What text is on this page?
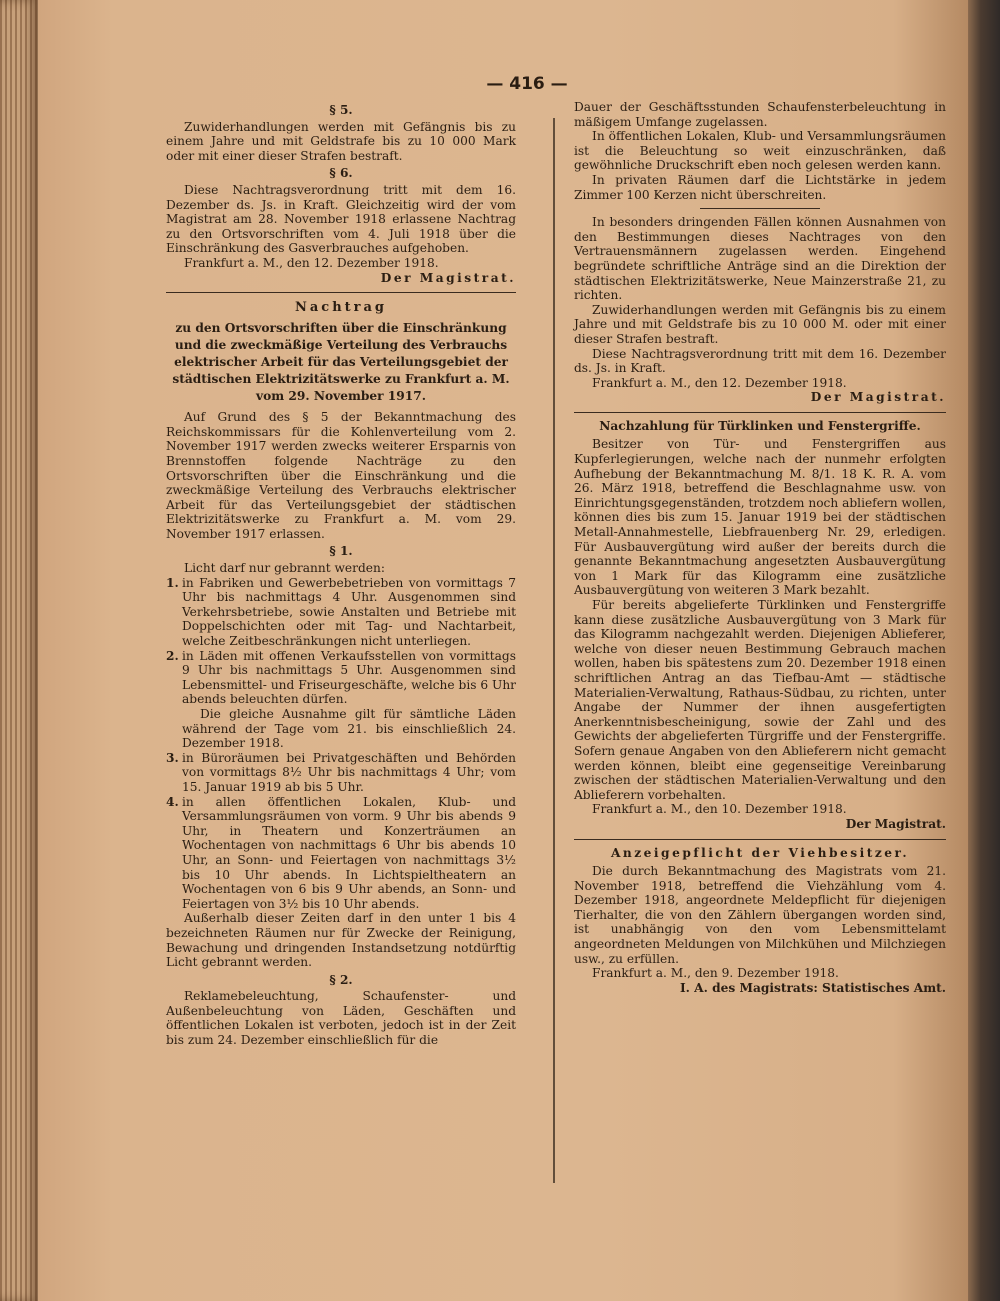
— 416 —

§ 5.

Zuwiderhandlungen werden mit Gefängnis bis zu einem Jahre und mit Geldstrafe bis zu 10 000 Mark oder mit einer dieser Strafen bestraft.

§ 6.

Diese Nachtragsverordnung tritt mit dem 16. Dezember ds. Js. in Kraft. Gleichzeitig wird der vom Magistrat am 28. November 1918 erlassene Nachtrag zu den Ortsvorschriften vom 4. Juli 1918 über die Einschränkung des Gasverbrauches aufgehoben.

Frankfurt a. M., den 12. Dezember 1918.

Der Magistrat.

Nachtrag
zu den Ortsvorschriften über die Einschränkung und die zweckmäßige Verteilung des Verbrauchs elektrischer Arbeit für das Verteilungsgebiet der städtischen Elektrizitätswerke zu Frankfurt a. M. vom 29. November 1917.

Auf Grund des § 5 der Bekanntmachung des Reichskommissars für die Kohlenverteilung vom 2. November 1917 werden zwecks weiterer Ersparnis von Brennstoffen folgende Nachträge zu den Ortsvorschriften über die Einschränkung und die zweckmäßige Verteilung des Verbrauchs elektrischer Arbeit für das Verteilungsgebiet der städtischen Elektrizitätswerke zu Frankfurt a. M. vom 29. November 1917 erlassen.

§ 1.

Licht darf nur gebrannt werden:

1. in Fabriken und Gewerbebetrieben von vormittags 7 Uhr bis nachmittags 4 Uhr. Ausgenommen sind Verkehrsbetriebe, sowie Anstalten und Betriebe mit Doppelschichten oder mit Tag- und Nachtarbeit, welche Zeitbeschränkungen nicht unterliegen.
2. in Läden mit offenen Verkaufsstellen von vormittags 9 Uhr bis nachmittags 5 Uhr. Ausgenommen sind Lebensmittel- und Friseurgeschäfte, welche bis 6 Uhr abends beleuchten dürfen.

Die gleiche Ausnahme gilt für sämtliche Läden während der Tage vom 21. bis einschließlich 24. Dezember 1918.

3. in Büroräumen bei Privatgeschäften und Behörden von vormittags 8½ Uhr bis nachmittags 4 Uhr; vom 15. Januar 1919 ab bis 5 Uhr.
4. in allen öffentlichen Lokalen, Klub- und Versammlungsräumen von vorm. 9 Uhr bis abends 9 Uhr, in Theatern und Konzerträumen an Wochentagen von nachmittags 6 Uhr bis abends 10 Uhr, an Sonn- und Feiertagen von nachmittags 3½ bis 10 Uhr abends. In Lichtspieltheatern an Wochentagen von 6 bis 9 Uhr abends, an Sonn- und Feiertagen von 3½ bis 10 Uhr abends.

Außerhalb dieser Zeiten darf in den unter 1 bis 4 bezeichneten Räumen nur für Zwecke der Reinigung, Bewachung und dringenden Instandsetzung notdürftig Licht gebrannt werden.

§ 2.

Reklamebeleuchtung, Schaufenster- und Außenbeleuchtung von Läden, Geschäften und öffentlichen Lokalen ist verboten, jedoch ist in der Zeit bis zum 24. Dezember einschließlich für die

Dauer der Geschäftsstunden Schaufensterbeleuchtung in mäßigem Umfange zugelassen.

In öffentlichen Lokalen, Klub- und Versammlungsräumen ist die Beleuchtung so weit einzuschränken, daß gewöhnliche Druckschrift eben noch gelesen werden kann.

In privaten Räumen darf die Lichtstärke in jedem Zimmer 100 Kerzen nicht überschreiten.

In besonders dringenden Fällen können Ausnahmen von den Bestimmungen dieses Nachtrages von den Vertrauensmännern zugelassen werden. Eingehend begründete schriftliche Anträge sind an die Direktion der städtischen Elektrizitätswerke, Neue Mainzerstraße 21, zu richten.

Zuwiderhandlungen werden mit Gefängnis bis zu einem Jahre und mit Geldstrafe bis zu 10 000 M. oder mit einer dieser Strafen bestraft.

Diese Nachtragsverordnung tritt mit dem 16. Dezember ds. Js. in Kraft.

Frankfurt a. M., den 12. Dezember 1918.

Der Magistrat.

Nachzahlung für Türklinken und Fenstergriffe.

Besitzer von Tür- und Fenstergriffen aus Kupferlegierungen, welche nach der nunmehr erfolgten Aufhebung der Bekanntmachung M. 8/1. 18 K. R. A. vom 26. März 1918, betreffend die Beschlagnahme usw. von Einrichtungsgegenständen, trotzdem noch abliefern wollen, können dies bis zum 15. Januar 1919 bei der städtischen Metall-Annahmestelle, Liebfrauenberg Nr. 29, erledigen. Für Ausbauvergütung wird außer der bereits durch die genannte Bekanntmachung angesetzten Ausbauvergütung von 1 Mark für das Kilogramm eine zusätzliche Ausbauvergütung von weiteren 3 Mark bezahlt.

Für bereits abgelieferte Türklinken und Fenstergriffe kann diese zusätzliche Ausbauvergütung von 3 Mark für das Kilogramm nachgezahlt werden. Diejenigen Ablieferer, welche von dieser neuen Bestimmung Gebrauch machen wollen, haben bis spätestens zum 20. Dezember 1918 einen schriftlichen Antrag an das Tiefbau-Amt — städtische Materialien-Verwaltung, Rathaus-Südbau, zu richten, unter Angabe der Nummer der ihnen ausgefertigten Anerkenntnisbescheinigung, sowie der Zahl und des Gewichts der abgelieferten Türgriffe und der Fenstergriffe. Sofern genaue Angaben von den Ablieferern nicht gemacht werden können, bleibt eine gegenseitige Vereinbarung zwischen der städtischen Materialien-Verwaltung und den Ablieferern vorbehalten.

Frankfurt a. M., den 10. Dezember 1918.

Der Magistrat.

Anzeigepflicht der Viehbesitzer.

Die durch Bekanntmachung des Magistrats vom 21. November 1918, betreffend die Viehzählung vom 4. Dezember 1918, angeordnete Meldepflicht für diejenigen Tierhalter, die von den Zählern übergangen worden sind, ist unabhängig von den vom Lebensmittelamt angeordneten Meldungen von Milchkühen und Milchziegen usw., zu erfüllen.

Frankfurt a. M., den 9. Dezember 1918.

I. A. des Magistrats: Statistisches Amt.
